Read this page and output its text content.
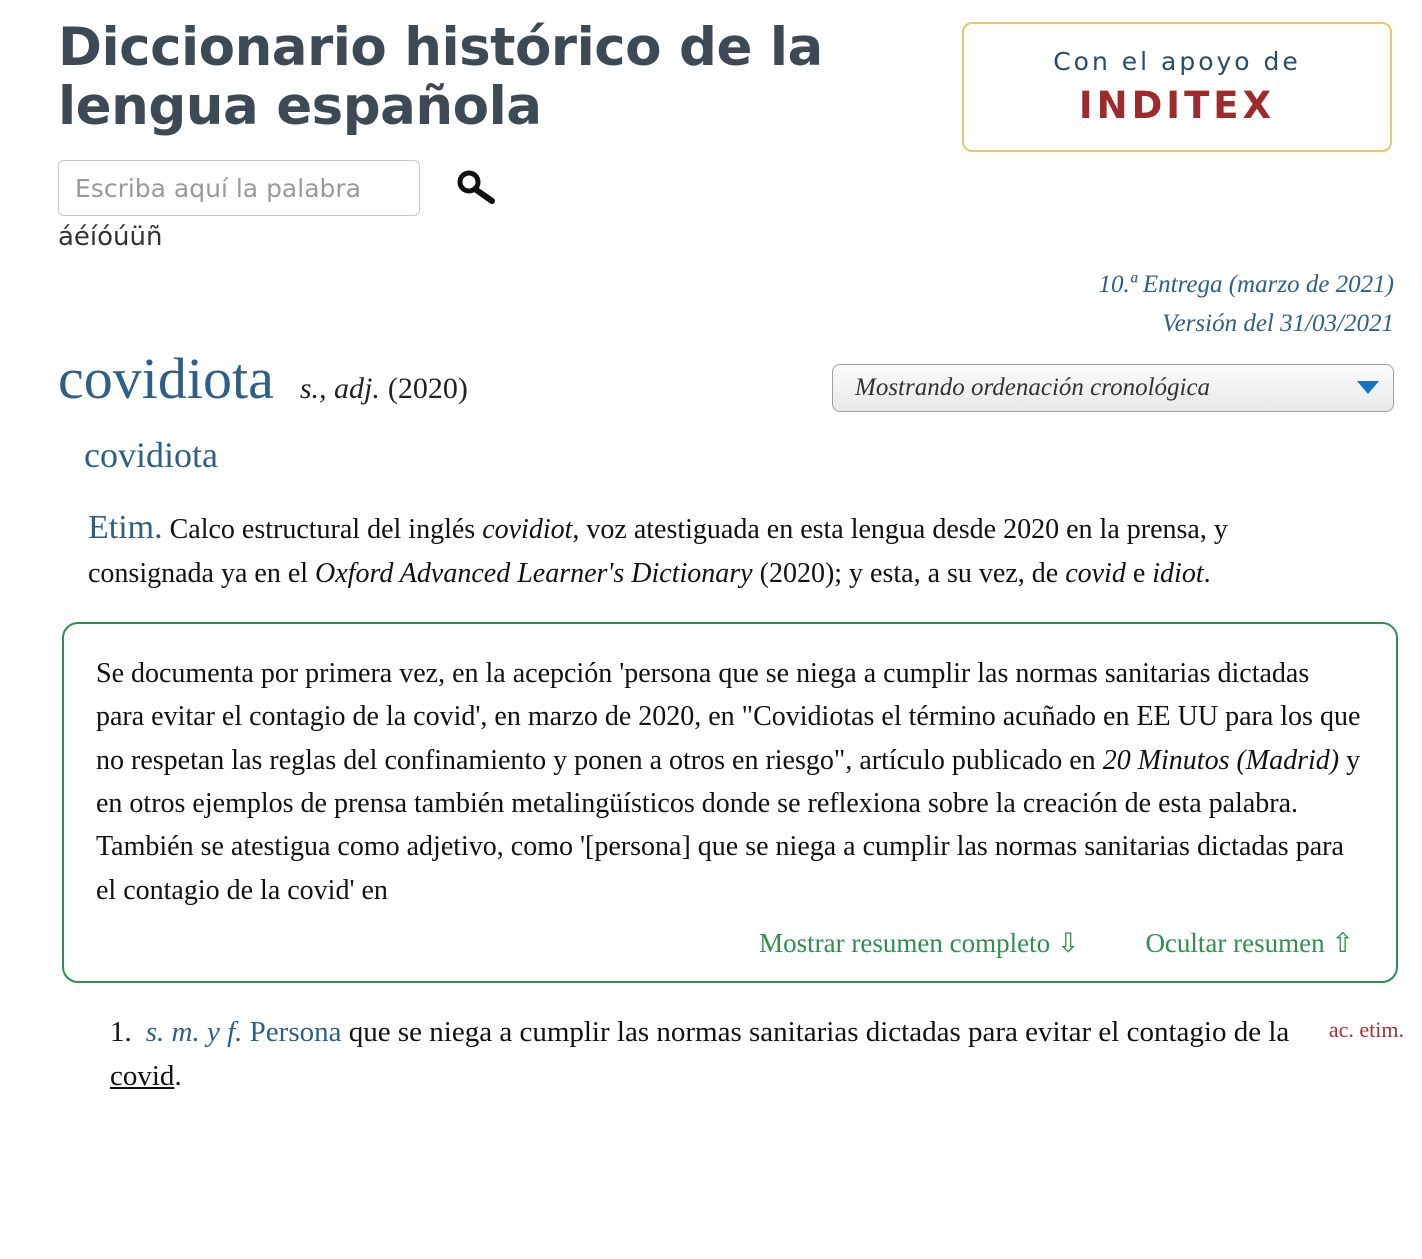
Diccionario histórico de la lengua española
Con el apoyo de
INDITEX
Escriba aquí la palabra
áéíóúüñ
10.ª Entrega (marzo de 2021)
Versión del 31/03/2021
covidiota s., adj. (2020)	Mostrando ordenación cronológica
covidiota
Etim. Calco estructural del inglés covidiot, voz atestiguada en esta lengua desde 2020 en la prensa, y consignada ya en el Oxford Advanced Learner's Dictionary (2020); y esta, a su vez, de covid e idiot.
Se documenta por primera vez, en la acepción 'persona que se niega a cumplir las normas sanitarias dictadas para evitar el contagio de la covid', en marzo de 2020, en "Covidiotas el término acuñado en EE UU para los que no respetan las reglas del confinamiento y ponen a otros en riesgo", artículo publicado en 20 Minutos (Madrid) y en otros ejemplos de prensa también metalingüísticos donde se reflexiona sobre la creación de esta palabra. También se atestigua como adjetivo, como '[persona] que se niega a cumplir las normas sanitarias dictadas para el contagio de la covid' en
Mostrar resumen completo ⇩ Ocultar resumen ⇧
1. s. m. y f. Persona que se niega a cumplir las normas sanitarias dictadas para evitar el contagio de la covid.
ac. etim.
